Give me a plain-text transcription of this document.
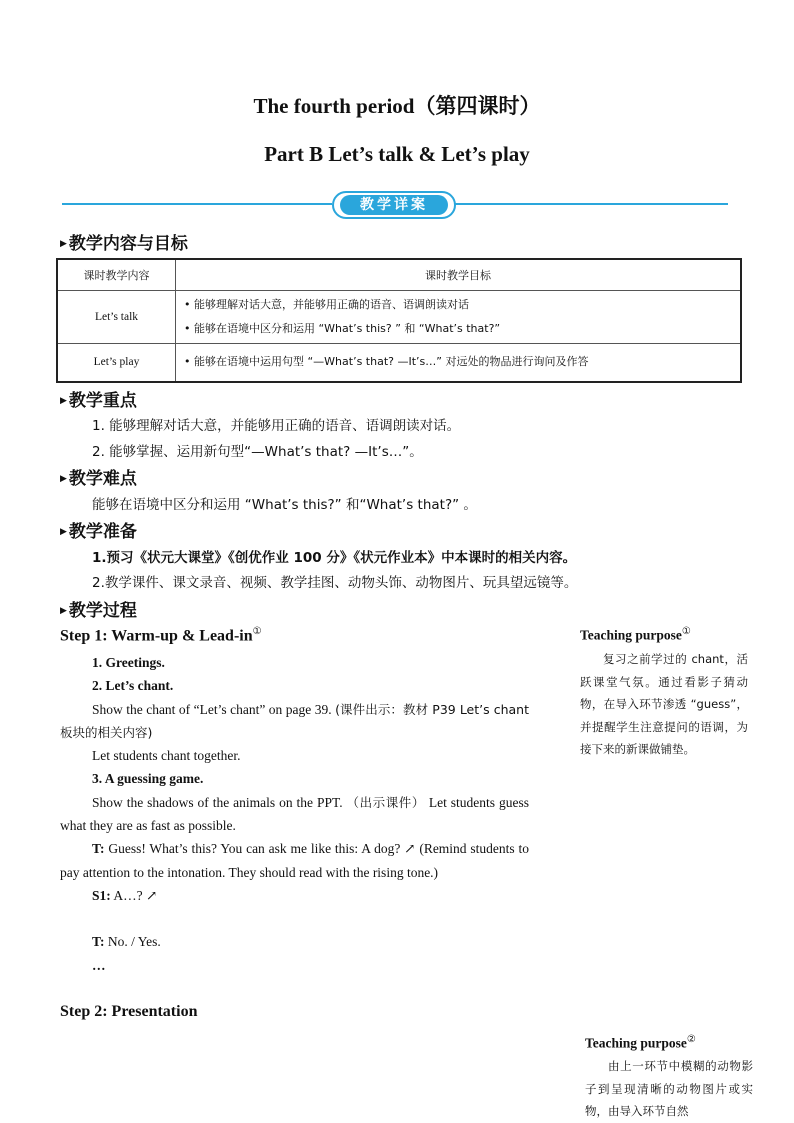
The fourth period（第四课时）
Part B Let’s talk & Let’s play
教学详案
▶ 教学内容与目标
课时教学内容	课时教学目标
Let’s talk	• 能够理解对话大意，并能够用正确的语音、语调朗读对话
• 能够在语境中区分和运用 “What’s this? ” 和 “What’s that?”

Let’s play	• 能够在语境中运用句型 “—What’s that? —It’s…” 对远处的物品进行询问及作答
▶ 教学重点
1. 能够理解对话大意，并能够用正确的语音、语调朗读对话。
2. 能够掌握、运用新句型“—What’s that? —It’s…”。
▶ 教学难点
能够在语境中区分和运用 “What’s this?” 和“What’s that?” 。
▶ 教学准备
1.预习《状元大课堂》《创优作业 100 分》《状元作业本》中本课时的相关内容。
2.教学课件、课文录音、视频、教学挂图、动物头饰、动物图片、玩具望远镜等。
▶ 教学过程
Step 1: Warm-up & Lead-in①
1. Greetings.
2. Let’s chant.
Show the chant of “Let’s chant” on page 39. (课件出示：教材 P39 Let’s chant 板块的相关内容)
Let students chant together.
3. A guessing game.
Show the shadows of the animals on the PPT. （出示课件） Let students guess what they are as fast as possible.
T: Guess! What’s this? You can ask me like this: A dog? ↗ (Remind students to pay attention to the intonation. They should read with the rising tone.)
S1: A…? ↗
T: No. / Yes.
…
Step 2: Presentation
Teaching purpose①
复习之前学过的 chant，活跃课堂气氛。通过看影子猜动物，在导入环节渗透 “guess”，并提醒学生注意提问的语调，为接下来的新课做铺垫。
Teaching purpose②
由上一环节中模糊的动物影子到呈现清晰的动物图片或实物，由导入环节自然
